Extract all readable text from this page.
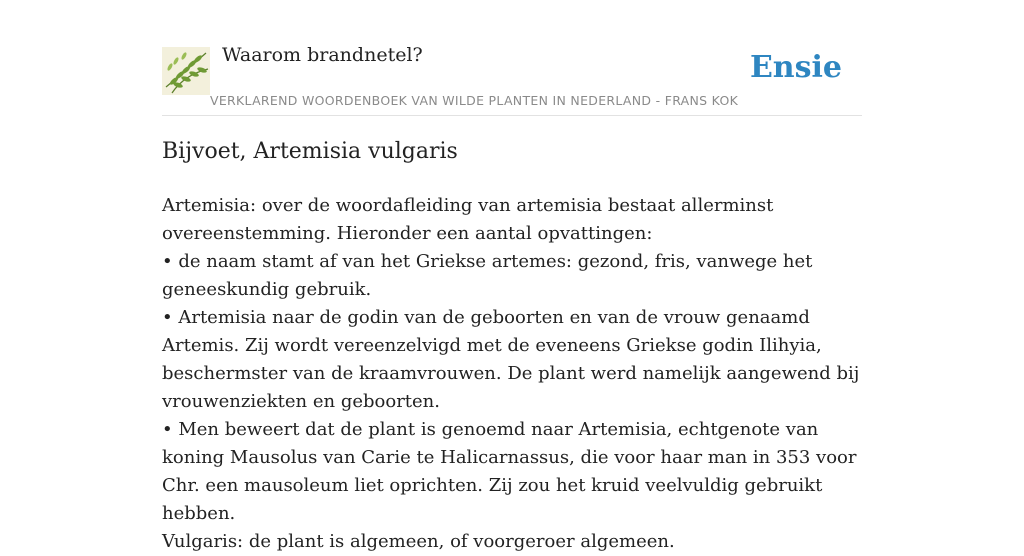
Waarom brandnetel?	Ensie
VERKLAREND WOORDENBOEK VAN WILDE PLANTEN IN NEDERLAND - FRANS KOK
Bijvoet, Artemisia vulgaris

Artemisia: over de woordafleiding van artemisia bestaat allerminst overeenstemming. Hieronder een aantal opvattingen:

• de naam stamt af van het Griekse artemes: gezond, fris, vanwege het geneeskundig gebruik.

• Artemisia naar de godin van de geboorten en van de vrouw genaamd Artemis. Zij wordt vereenzelvigd met de eveneens Griekse godin Ilihyia, beschermster van de kraamvrouwen. De plant werd namelijk aangewend bij vrouwenziekten en geboorten.

• Men beweert dat de plant is genoemd naar Artemisia, echtgenote van koning Mausolus van Carie te Halicarnassus, die voor haar man in 353 voor Chr. een mausoleum liet oprichten. Zij zou het kruid veelvuldig gebruikt hebben.

Vulgaris: de plant is algemeen, of voorgeroer algemeen.
